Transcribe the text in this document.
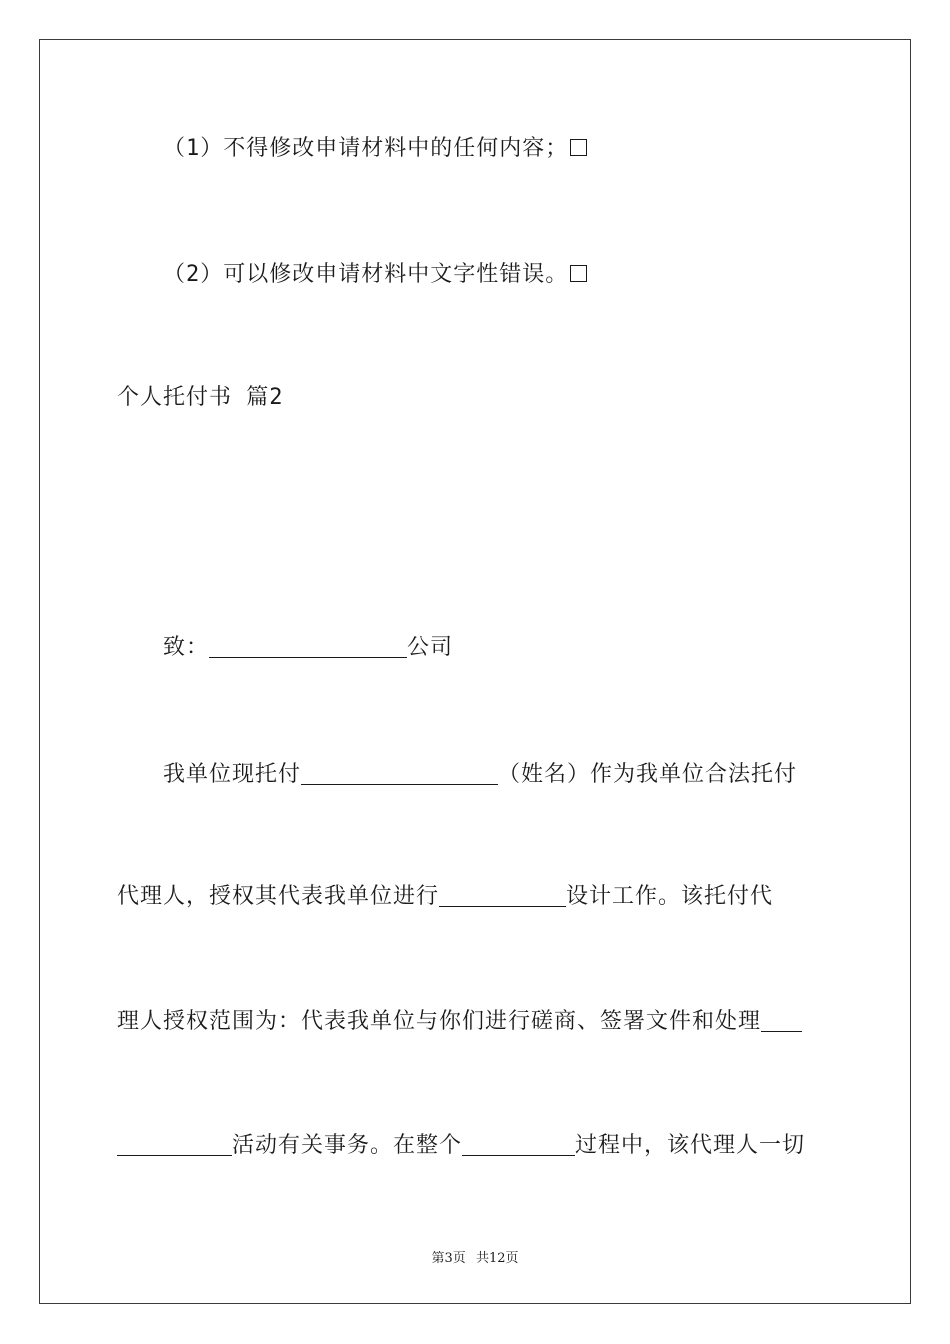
（1）不得修改申请材料中的任何内容；
（2）可以修改申请材料中文字性错误。
个人托付书 篇2
致：	公司
我单位现托付	（姓名）作为我单位合法托付
代理人，授权其代表我单位进行	设计工作。该托付代
理人授权范围为：代表我单位与你们进行磋商、签署文件和处理
活动有关事务。在整个	过程中，该代理人一切
第3页 共12页
